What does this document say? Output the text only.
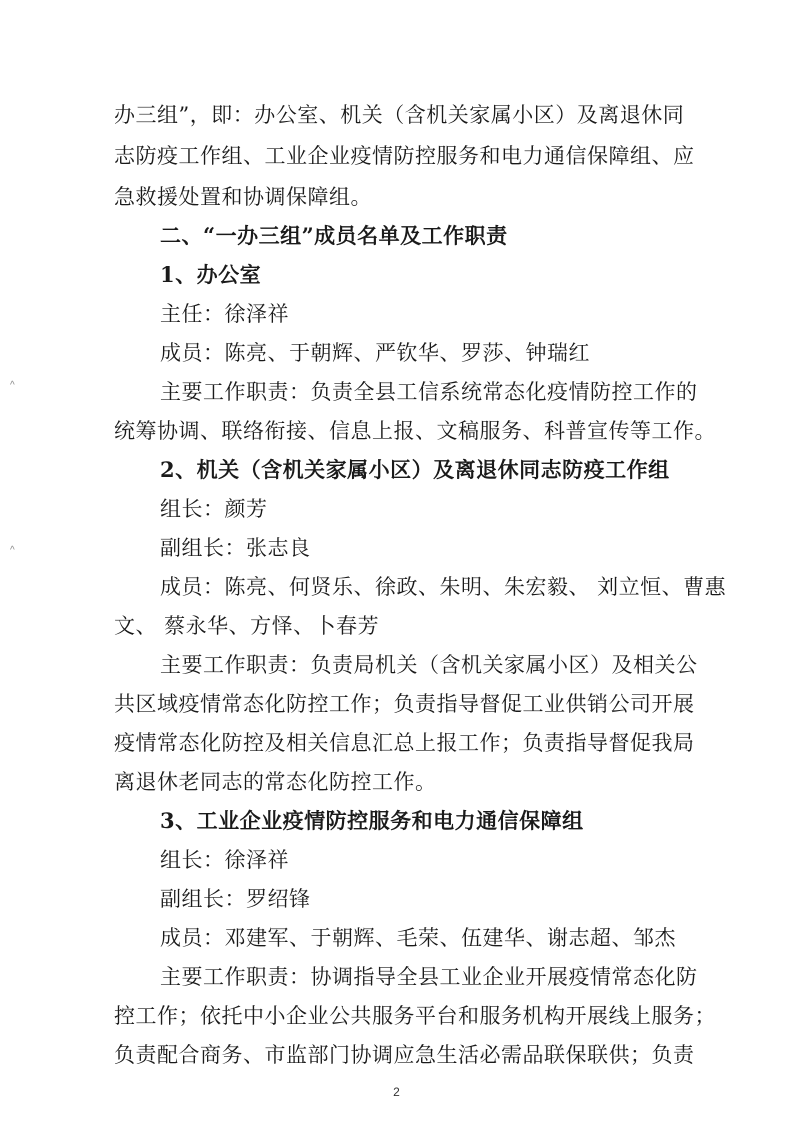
办三组”，即：办公室、机关（含机关家属小区）及离退休同
志防疫工作组、工业企业疫情防控服务和电力通信保障组、应
急救援处置和协调保障组。
二、“一办三组”成员名单及工作职责
1、办公室
主任：徐泽祥
成员：陈亮、于朝辉、严钦华、罗莎、钟瑞红
主要工作职责：负责全县工信系统常态化疫情防控工作的
统筹协调、联络衔接、信息上报、文稿服务、科普宣传等工作。
2、机关（含机关家属小区）及离退休同志防疫工作组
组长：颜芳
副组长：张志良
成员：陈亮、何贤乐、徐政、朱明、朱宏毅、 刘立恒、曹惠
文、 蔡永华、方怿、卜春芳
主要工作职责：负责局机关（含机关家属小区）及相关公
共区域疫情常态化防控工作；负责指导督促工业供销公司开展
疫情常态化防控及相关信息汇总上报工作；负责指导督促我局
离退休老同志的常态化防控工作。
3、工业企业疫情防控服务和电力通信保障组
组长：徐泽祥
副组长：罗绍锋
成员：邓建军、于朝辉、毛荣、伍建华、谢志超、邹杰
主要工作职责：协调指导全县工业企业开展疫情常态化防
控工作；依托中小企业公共服务平台和服务机构开展线上服务；
负责配合商务、市监部门协调应急生活必需品联保联供；负责
^
^
2
